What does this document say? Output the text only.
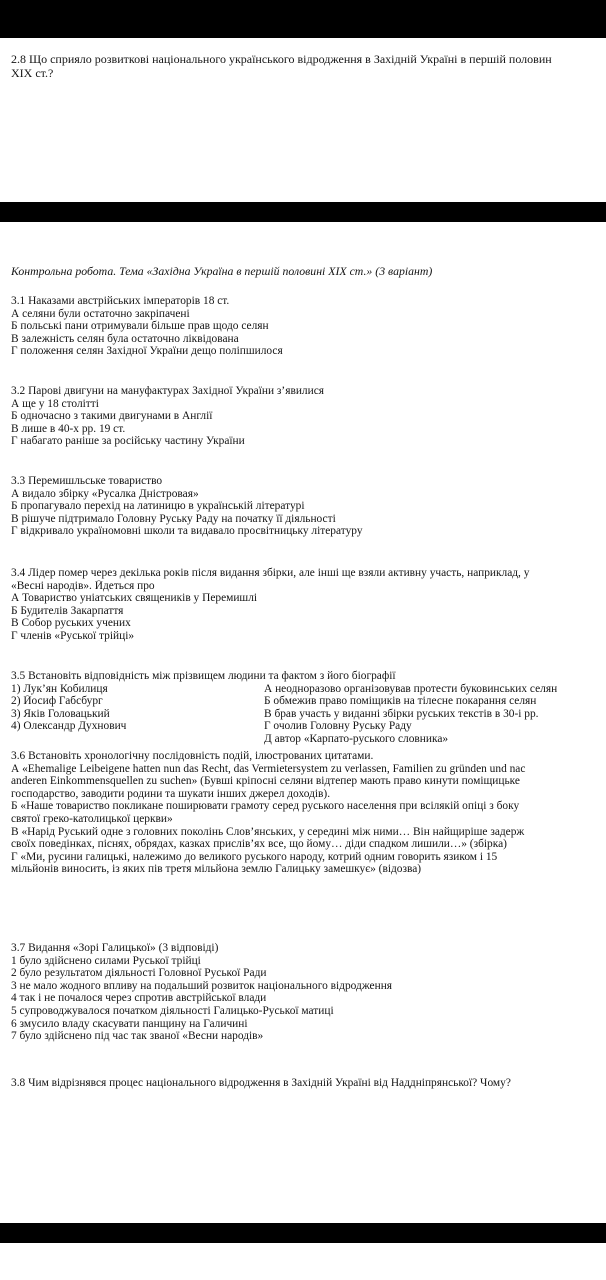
2.8 Що сприяло розвиткові національного українського відродження в Західній Україні в першій половин
XIX ст.?
Контрольна робота. Тема «Західна Україна в першій половині XIX ст.» (3 варіант)
3.1 Наказами австрійських імператорів 18 ст.
А селяни були остаточно закріпачені
Б польські пани отримували більше прав щодо селян
В залежність селян була остаточно ліквідована
Г положення селян Західної України дещо поліпшилося
3.2 Парові двигуни на мануфактурах Західної України з’явилися
А ще у 18 столітті
Б одночасно з такими двигунами в Англії
В лише в 40-х рр. 19 ст.
Г набагато раніше за російську частину України
3.3 Перемишльське товариство
А видало збірку «Русалка Дністровая»
Б пропагувало перехід на латиницю в українській літературі
В рішуче підтримало Головну Руську Раду на початку її діяльності
Г відкривало україномовні школи та видавало просвітницьку літературу
3.4 Лідер помер через декілька років після видання збірки, але інші ще взяли активну участь, наприклад, у
«Весні народів». Йдеться про
А Товариство уніатських священиків у Перемишлі
Б Будителів Закарпаття
В Собор руських учених
Г членів «Руської трійці»
3.5 Встановіть відповідність між прізвищем людини та фактом з його біографії
1) Лук’ян Кобилиця	А неодноразово організовував протести буковинських селян
2) Йосиф Габсбург	Б обмежив право поміщиків на тілесне покарання селян
3) Яків Головацький	В брав участь у виданні збірки руських текстів в 30-і рр.
4) Олександр Духнович	Г очолив Головну Руську Раду
Д автор «Карпато-руського словника»
3.6 Встановіть хронологічну послідовність подій, ілюстрованих цитатами.
А «Ehemalige Leibeigene hatten nun das Recht, das Vermietersystem zu verlassen, Familien zu gründen und nac
anderen Einkommensquellen zu suchen» (Бувші кріпосні селяни відтепер мають право кинути поміщицьке
господарство, заводити родини та шукати інших джерел доходів).
Б «Наше товариство покликане поширювати грамоту серед руського населення при всілякій опіці з боку
святої греко-католицької церкви»
В «Нарід Руський одне з головних поколінь Слов’янських, у середині між ними… Він найщиріше задерж
своїх поведінках, піснях, обрядах, казках прислів’ях все, що йому… діди спадком лишили…» (збірка)
Г «Ми, русини галицькі, належимо до великого руського народу, котрий одним говорить язиком і 15
мільйонів виносить, із яких пів третя мільйона землю Галицьку замешкує» (відозва)
3.7 Видання «Зорі Галицької» (3 відповіді)
1 було здійснено силами Руської трійці
2 було результатом діяльності Головної Руської Ради
3 не мало жодного впливу на подальший розвиток національного відродження
4 так і не почалося через спротив австрійської влади
5 супроводжувалося початком діяльності Галицько-Руської матиці
6 змусило владу скасувати панщину на Галичині
7 було здійснено під час так званої «Весни народів»
3.8 Чим відрізнявся процес національного відродження в Західній Україні від Наддніпрянської? Чому?
